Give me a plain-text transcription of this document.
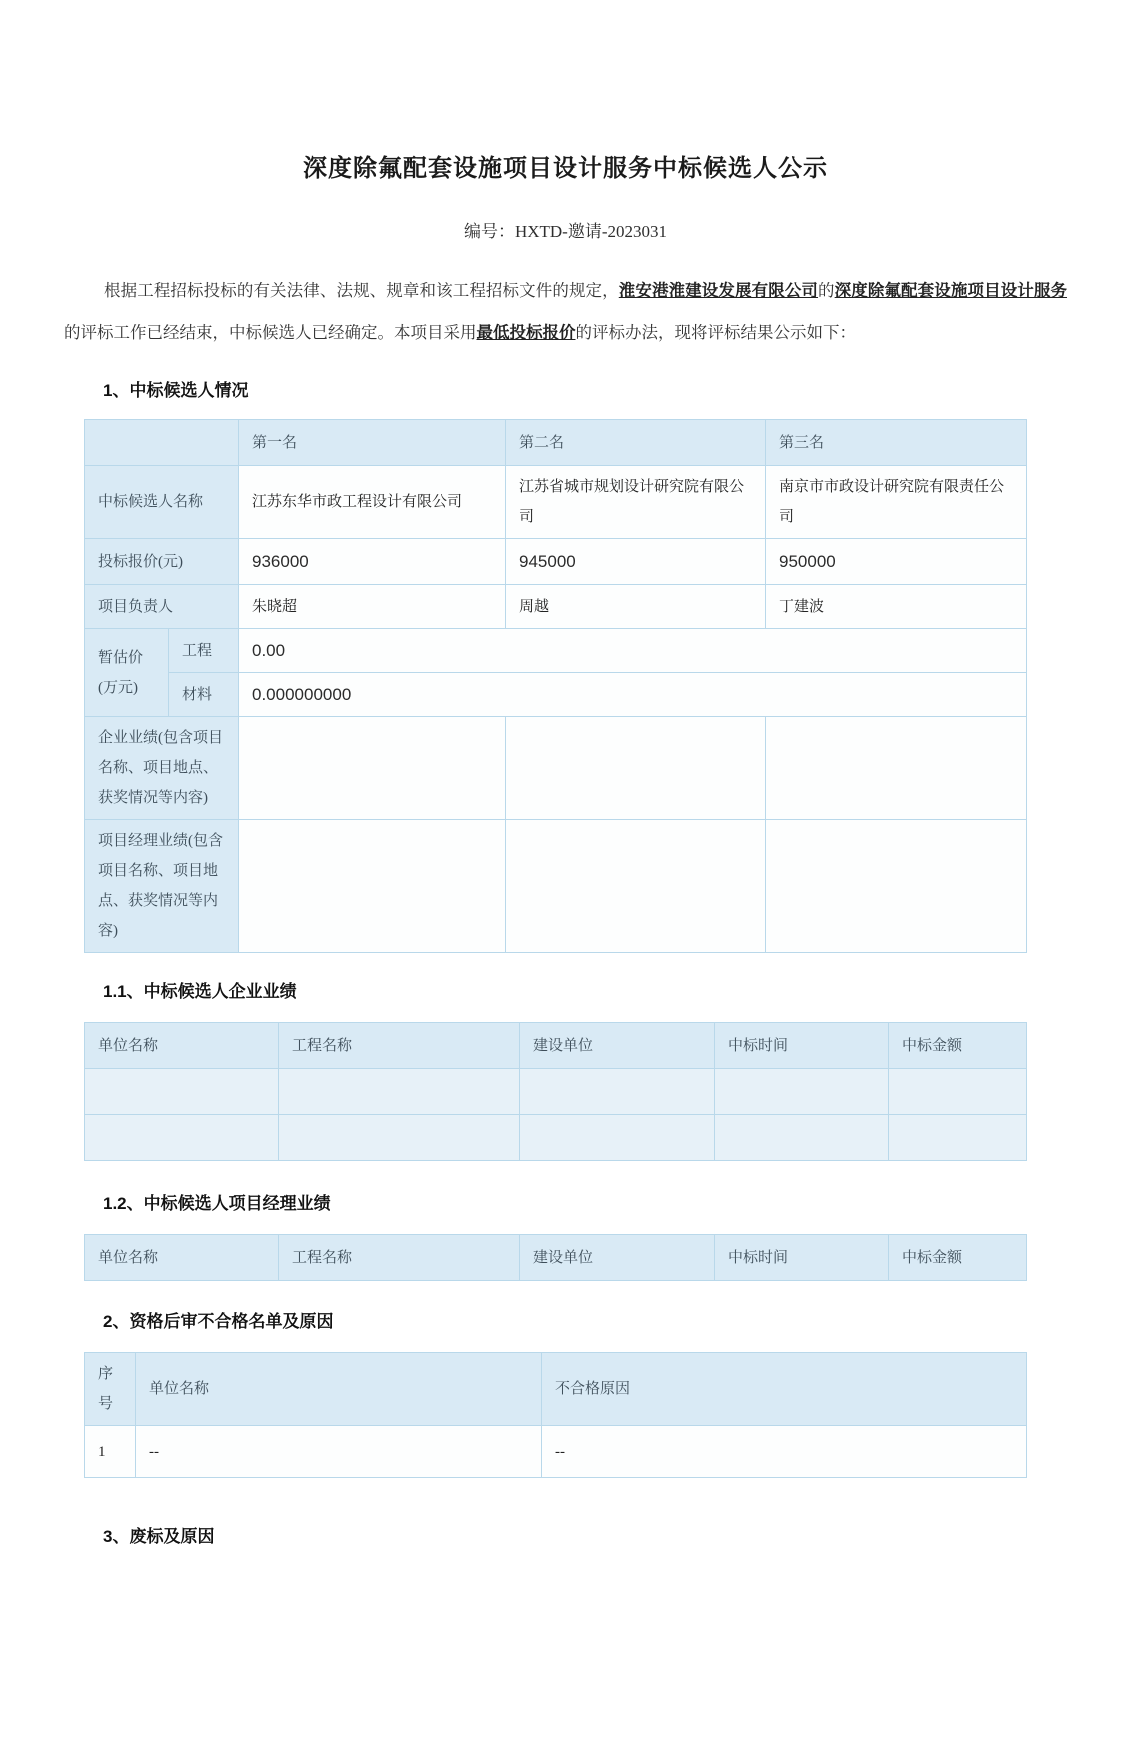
深度除氟配套设施项目设计服务中标候选人公示

编号：HXTD-邀请-2023031

根据工程招标投标的有关法律、法规、规章和该工程招标文件的规定，淮安港淮建设发展有限公司的深度除氟配套设施项目设计服务的评标工作已经结束，中标候选人已经确定。本项目采用最低投标报价的评标办法，现将评标结果公示如下：

1、中标候选人情况
		第一名	第二名	第三名
中标候选人名称		江苏东华市政工程设计有限公司	江苏省城市规划设计研究院有限公司	南京市市政设计研究院有限责任公司
投标报价(元)		936000	945000	950000
项目负责人		朱晓超	周越	丁建波
暂估价(万元)	工程	0.00		
	材料	0.000000000		
企业业绩(包含项目名称、项目地点、获奖情况等内容)				
项目经理业绩(包含项目名称、项目地点、获奖情况等内容)				
1.1、中标候选人企业业绩
单位名称	工程名称	建设单位	中标时间	中标金额

1.2、中标候选人项目经理业绩
单位名称	工程名称	建设单位	中标时间	中标金额
2、资格后审不合格名单及原因
序号	单位名称	不合格原因
1	--	--
3、废标及原因
